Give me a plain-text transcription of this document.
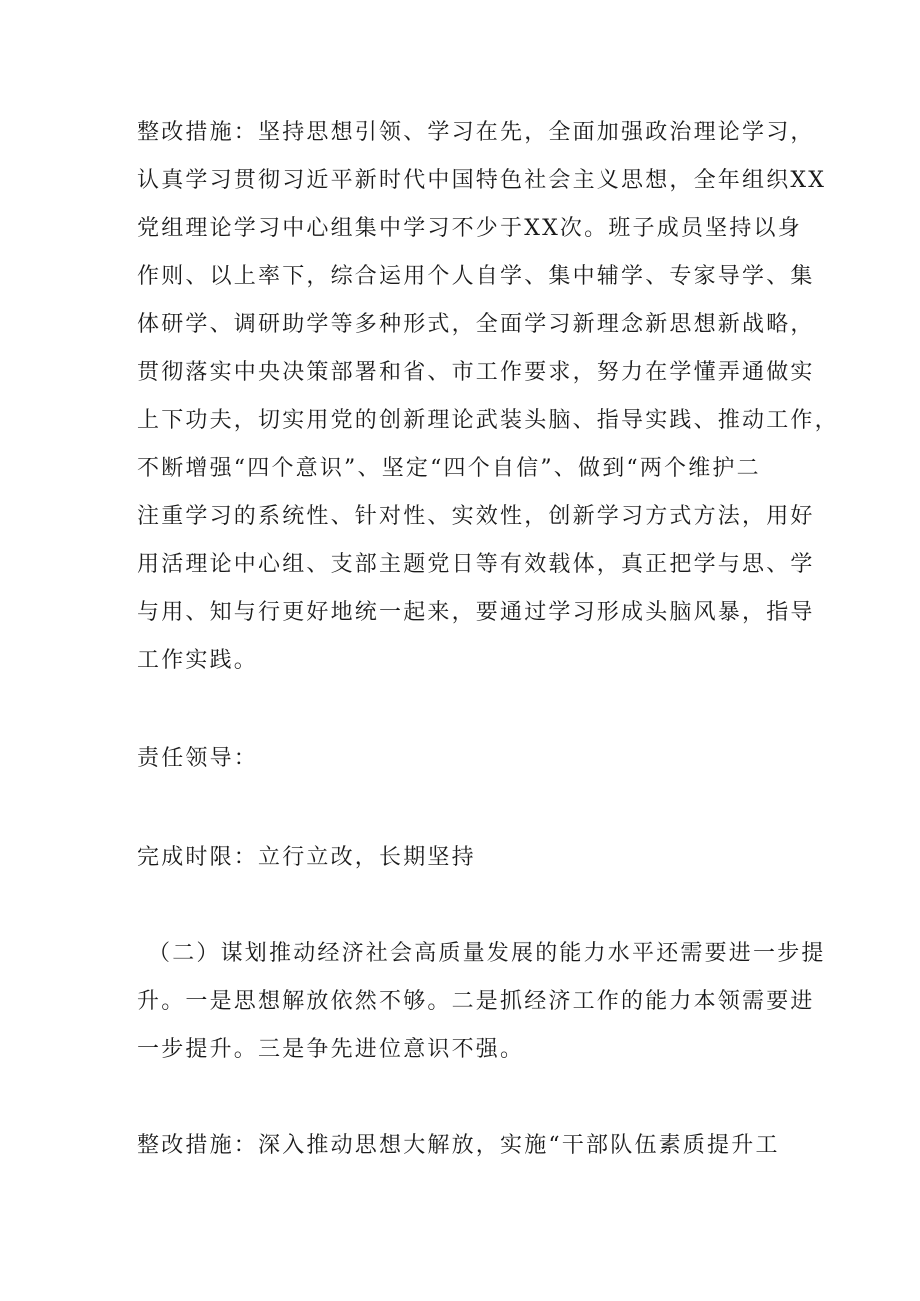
整改措施：坚持思想引领、学习在先，全面加强政治理论学习，
认真学习贯彻习近平新时代中国特色社会主义思想，全年组织XX
党组理论学习中心组集中学习不少于XX次。班子成员坚持以身
作则、以上率下，综合运用个人自学、集中辅学、专家导学、集
体研学、调研助学等多种形式，全面学习新理念新思想新战略，
贯彻落实中央决策部署和省、市工作要求，努力在学懂弄通做实
上下功夫，切实用党的创新理论武装头脑、指导实践、推动工作，
不断增强“四个意识”、坚定“四个自信”、做到“两个维护二
注重学习的系统性、针对性、实效性，创新学习方式方法，用好
用活理论中心组、支部主题党日等有效载体，真正把学与思、学
与用、知与行更好地统一起来，要通过学习形成头脑风暴，指导
工作实践。
责任领导：
完成时限：立行立改，长期坚持
（二）谋划推动经济社会高质量发展的能力水平还需要进一步提
升。一是思想解放依然不够。二是抓经济工作的能力本领需要进
一步提升。三是争先进位意识不强。
整改措施：深入推动思想大解放，实施“干部队伍素质提升工
